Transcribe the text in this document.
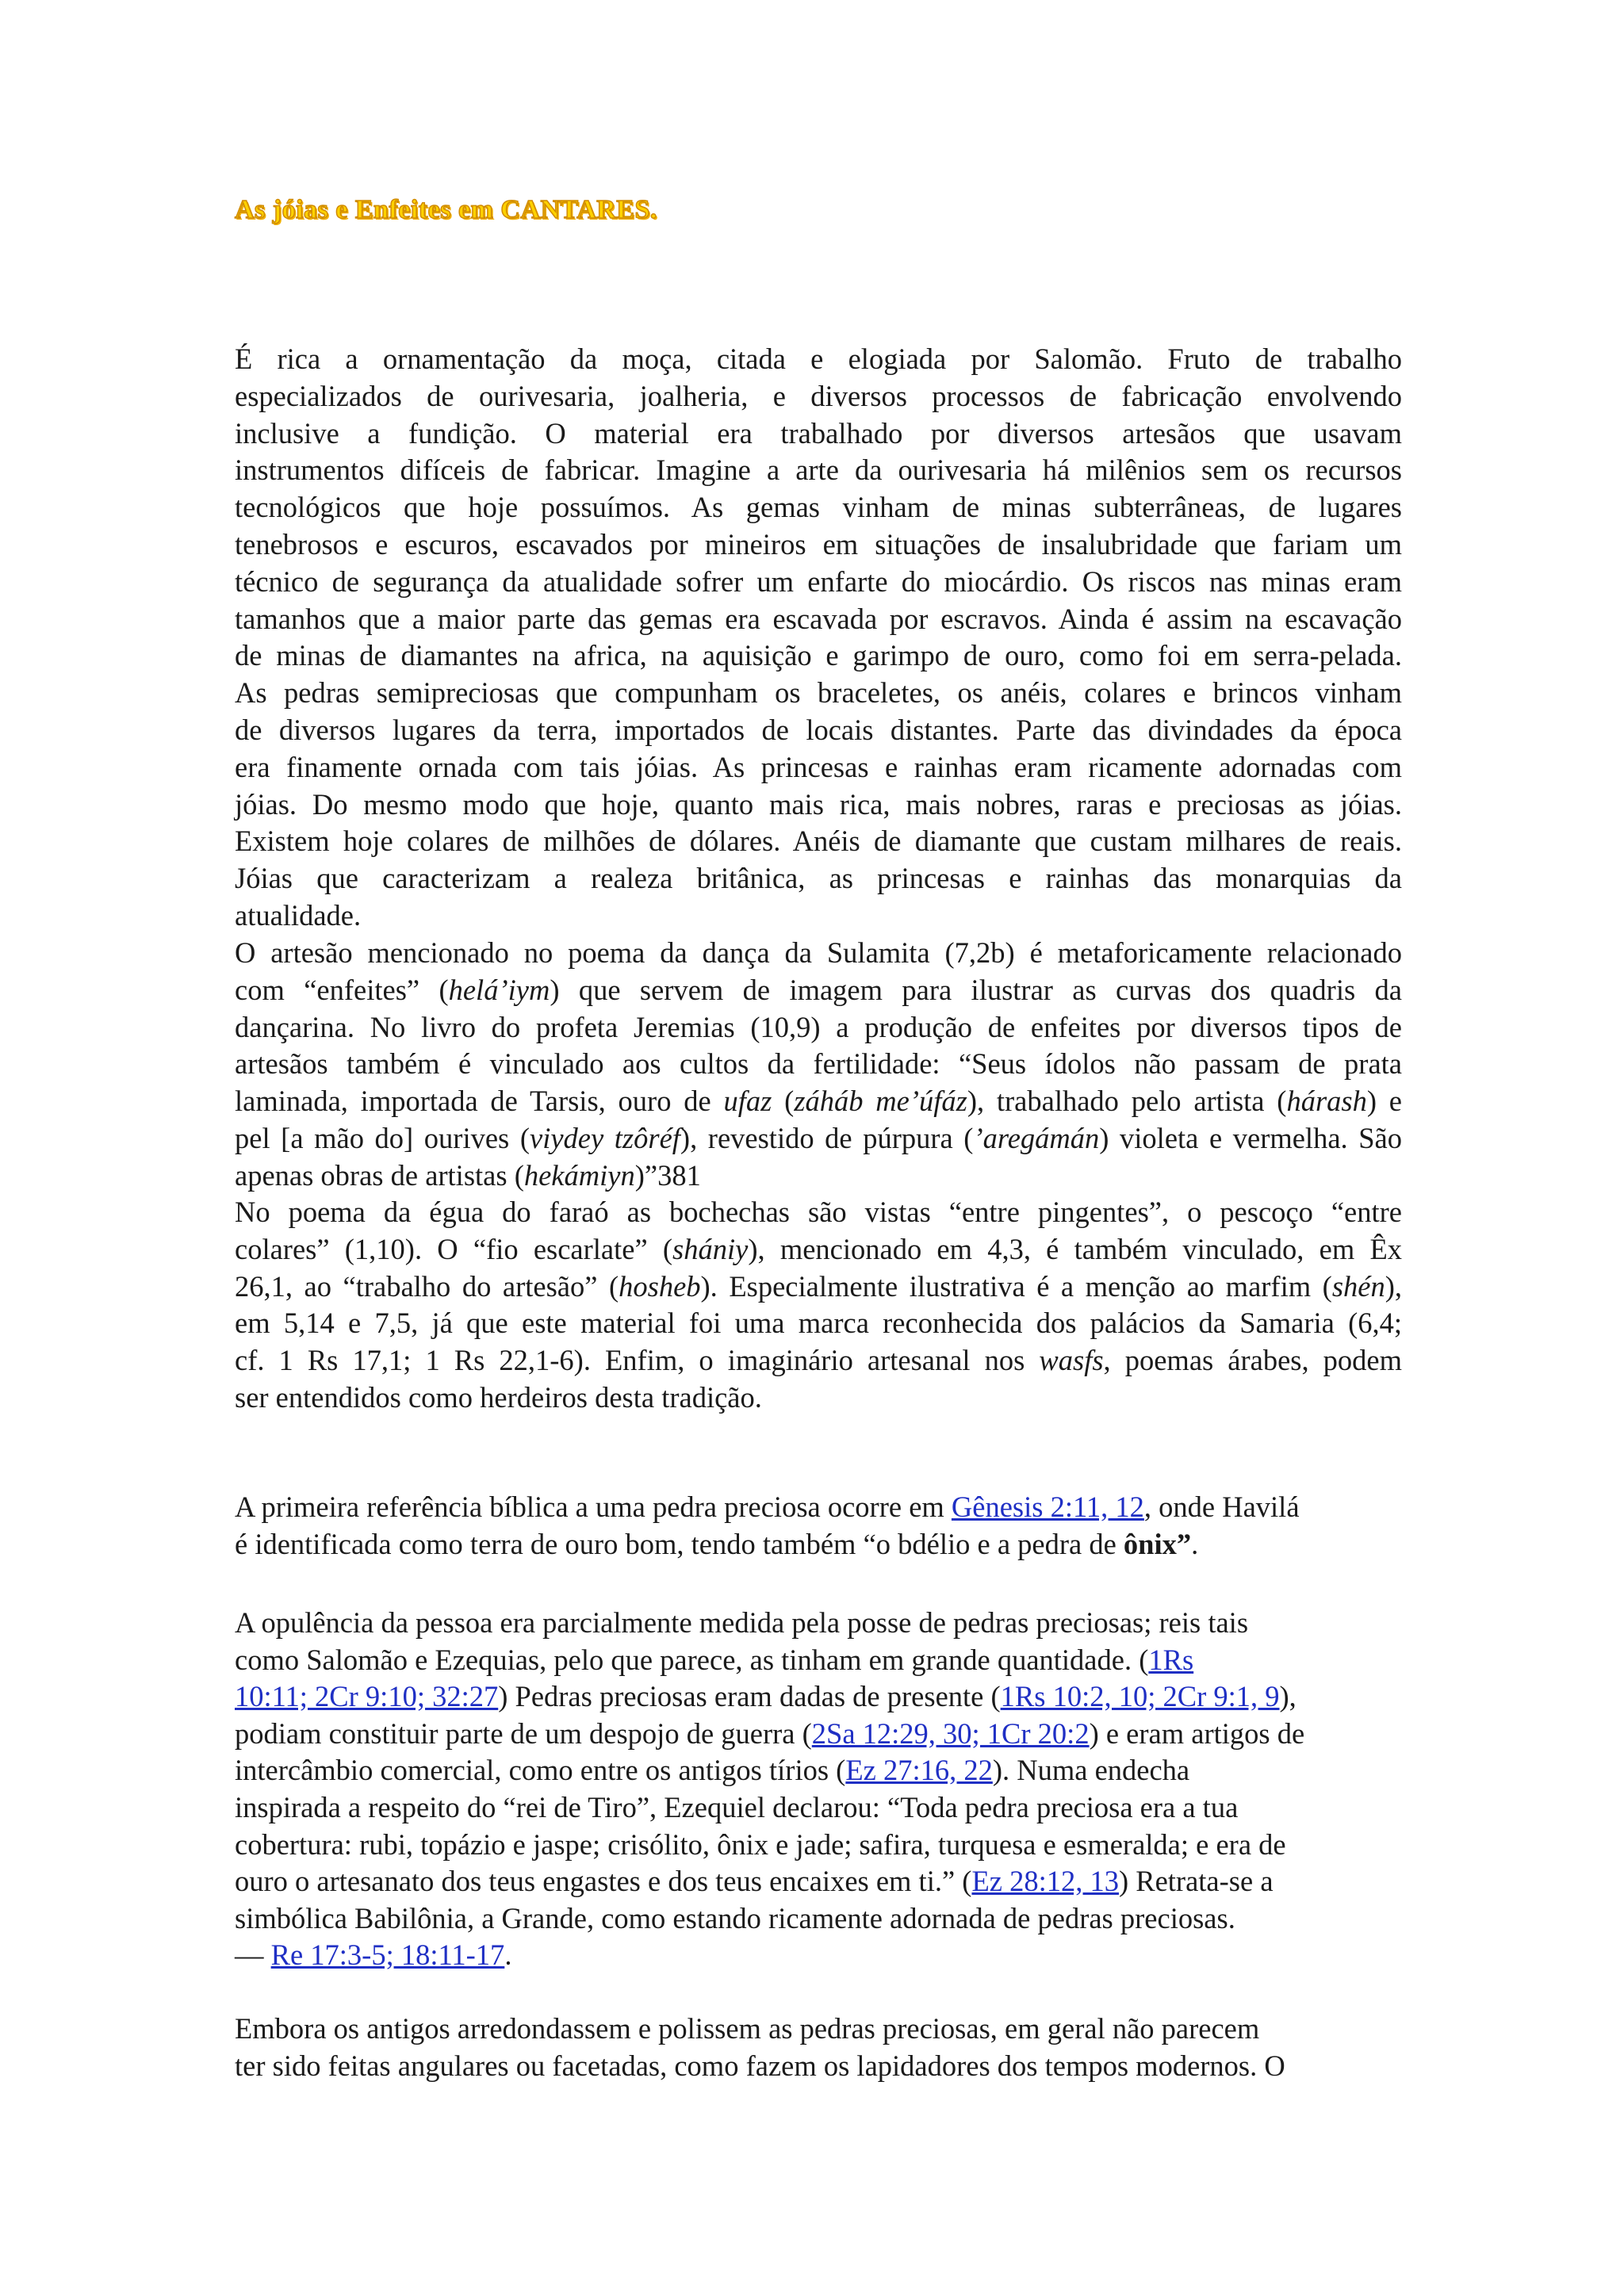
As jóias e Enfeites em CANTARES.

É rica a ornamentação da moça, citada e elogiada por Salomão. Fruto de trabalho
especializados de ourivesaria, joalheria, e diversos processos de fabricação envolvendo
inclusive a fundição. O material era trabalhado por diversos artesãos que usavam
instrumentos difíceis de fabricar. Imagine a arte da ourivesaria há milênios sem os recursos
tecnológicos que hoje possuímos. As gemas vinham de minas subterrâneas, de lugares
tenebrosos e escuros, escavados por mineiros em situações de insalubridade que fariam um
técnico de segurança da atualidade sofrer um enfarte do miocárdio. Os riscos nas minas eram
tamanhos que a maior parte das gemas era escavada por escravos. Ainda é assim na escavação
de minas de diamantes na africa, na aquisição e garimpo de ouro, como foi em serra-pelada.
As pedras semipreciosas que compunham os braceletes, os anéis, colares e brincos vinham
de diversos lugares da terra, importados de locais distantes. Parte das divindades da época
era finamente ornada com tais jóias. As princesas e rainhas eram ricamente adornadas com
jóias. Do mesmo modo que hoje, quanto mais rica, mais nobres, raras e preciosas as jóias.
Existem hoje colares de milhões de dólares. Anéis de diamante que custam milhares de reais.
Jóias que caracterizam a realeza britânica, as princesas e rainhas das monarquias da
atualidade.

O artesão mencionado no poema da dança da Sulamita (7,2b) é metaforicamente relacionado
com “enfeites” (helá’iym) que servem de imagem para ilustrar as curvas dos quadris da
dançarina. No livro do profeta Jeremias (10,9) a produção de enfeites por diversos tipos de
artesãos também é vinculado aos cultos da fertilidade: “Seus ídolos não passam de prata
laminada, importada de Tarsis, ouro de ufaz (záháb me’úfáz), trabalhado pelo artista (hárash) e
pel [a mão do] ourives (viydey tzôréf), revestido de púrpura (’aregámán) violeta e vermelha. São
apenas obras de artistas (hekámiyn)”381

No poema da égua do faraó as bochechas são vistas “entre pingentes”, o pescoço “entre
colares” (1,10). O “fio escarlate” (shániy), mencionado em 4,3, é também vinculado, em Êx
26,1, ao “trabalho do artesão” (hosheb). Especialmente ilustrativa é a menção ao marfim (shén),
em 5,14 e 7,5, já que este material foi uma marca reconhecida dos palácios da Samaria (6,4;
cf. 1 Rs 17,1; 1 Rs 22,1-6). Enfim, o imaginário artesanal nos wasfs, poemas árabes, podem
ser entendidos como herdeiros desta tradição.

A primeira referência bíblica a uma pedra preciosa ocorre em Gênesis 2:11, 12, onde Havilá
é identificada como terra de ouro bom, tendo também “o bdélio e a pedra de ônix”.

A opulência da pessoa era parcialmente medida pela posse de pedras preciosas; reis tais
como Salomão e Ezequias, pelo que parece, as tinham em grande quantidade. (1Rs
10:11; 2Cr 9:10; 32:27) Pedras preciosas eram dadas de presente (1Rs 10:2, 10; 2Cr 9:1, 9),
podiam constituir parte de um despojo de guerra (2Sa 12:29, 30; 1Cr 20:2) e eram artigos de
intercâmbio comercial, como entre os antigos tírios (Ez 27:16, 22). Numa endecha
inspirada a respeito do “rei de Tiro”, Ezequiel declarou: “Toda pedra preciosa era a tua
cobertura: rubi, topázio e jaspe; crisólito, ônix e jade; safira, turquesa e esmeralda; e era de
ouro o artesanato dos teus engastes e dos teus encaixes em ti.” (Ez 28:12, 13) Retrata-se a
simbólica Babilônia, a Grande, como estando ricamente adornada de pedras preciosas.
— Re 17:3-5; 18:11-17.

Embora os antigos arredondassem e polissem as pedras preciosas, em geral não parecem
ter sido feitas angulares ou facetadas, como fazem os lapidadores dos tempos modernos. O
